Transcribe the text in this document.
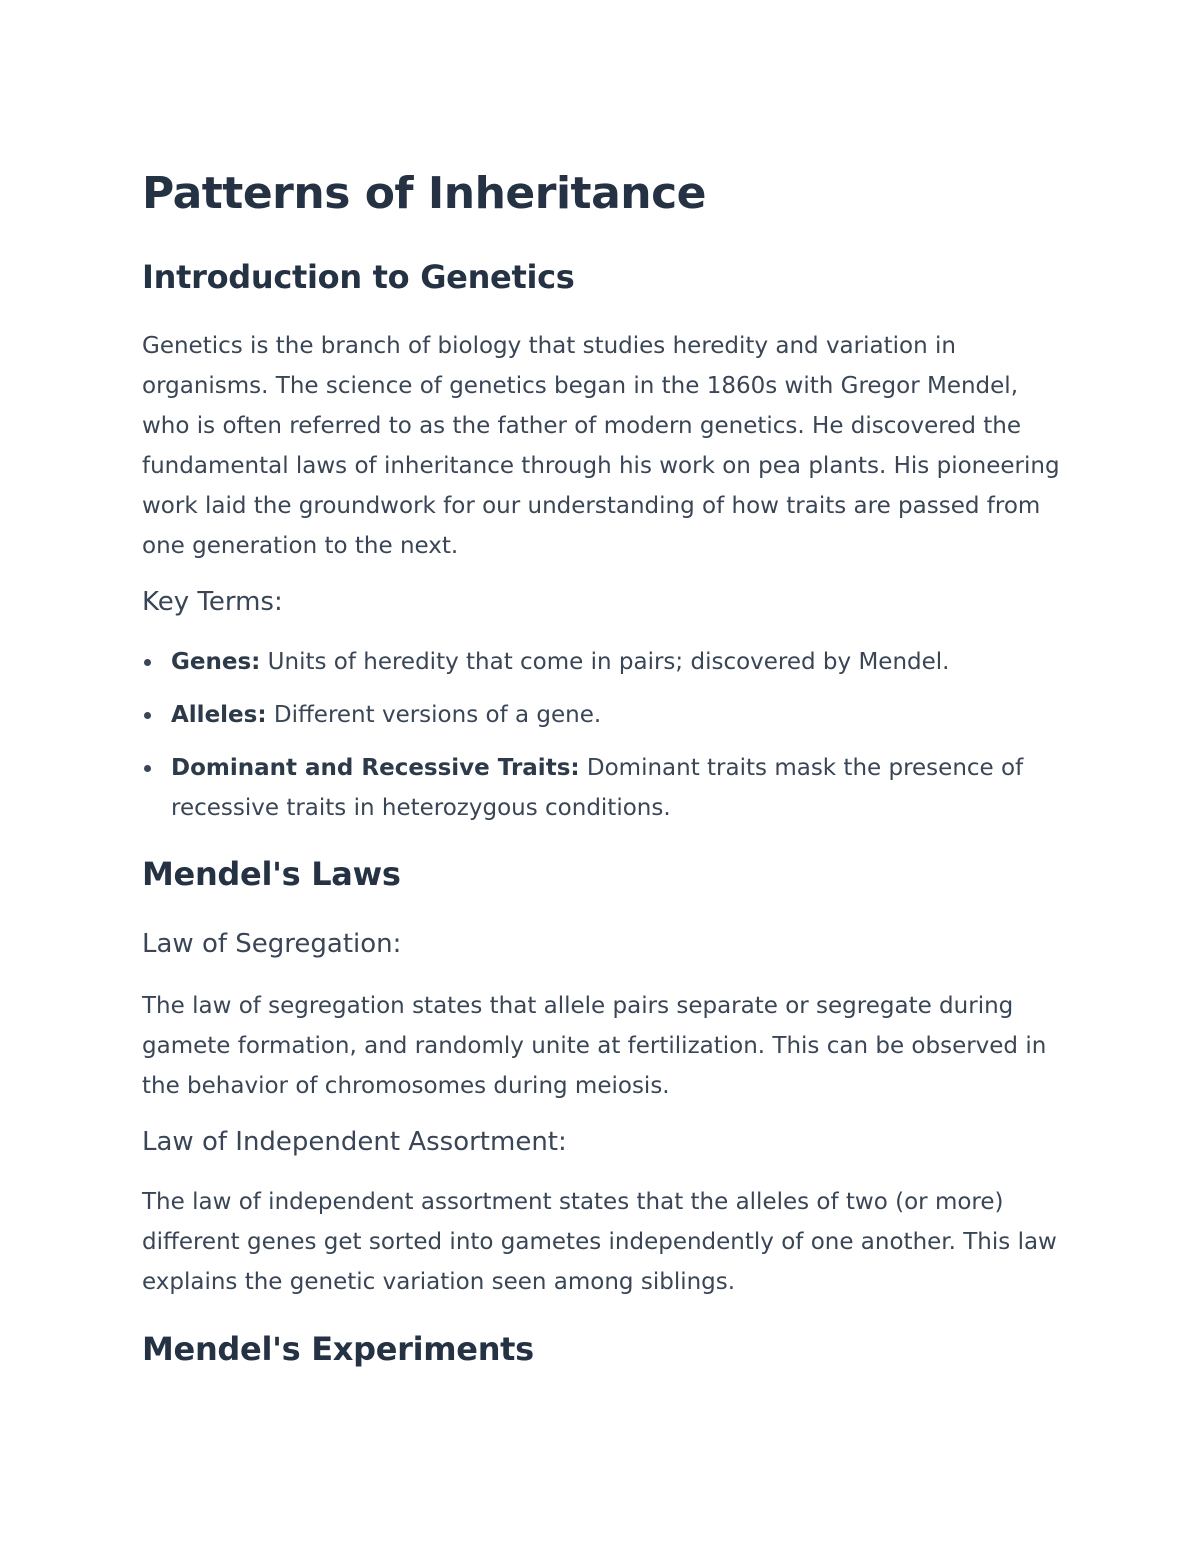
Patterns of Inheritance
Introduction to Genetics

Genetics is the branch of biology that studies heredity and variation in organisms. The science of genetics began in the 1860s with Gregor Mendel, who is often referred to as the father of modern genetics. He discovered the fundamental laws of inheritance through his work on pea plants. His pioneering work laid the groundwork for our understanding of how traits are passed from one generation to the next.

Key Terms:
Genes: Units of heredity that come in pairs; discovered by Mendel.
Alleles: Different versions of a gene.
Dominant and Recessive Traits: Dominant traits mask the presence of recessive traits in heterozygous conditions.
Mendel's Laws
Law of Segregation:

The law of segregation states that allele pairs separate or segregate during gamete formation, and randomly unite at fertilization. This can be observed in the behavior of chromosomes during meiosis.

Law of Independent Assortment:

The law of independent assortment states that the alleles of two (or more) different genes get sorted into gametes independently of one another. This law explains the genetic variation seen among siblings.

Mendel's Experiments
